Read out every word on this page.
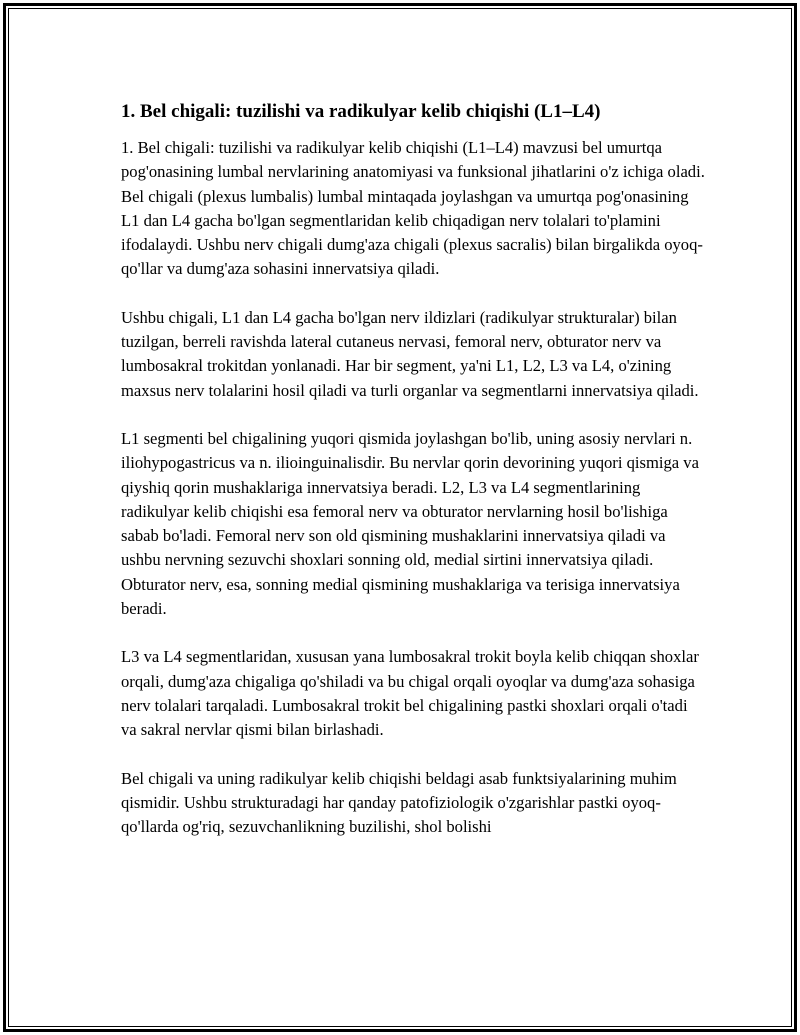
1. Bel chigali: tuzilishi va radikulyar kelib chiqishi (L1–L4)

1. Bel chigali: tuzilishi va radikulyar kelib chiqishi (L1–L4) mavzusi bel umurtqa pog'onasining lumbal nervlarining anatomiyasi va funksional jihatlarini o'z ichiga oladi. Bel chigali (plexus lumbalis) lumbal mintaqada joylashgan va umurtqa pog'onasining L1 dan L4 gacha bo'lgan segmentlaridan kelib chiqadigan nerv tolalari to'plamini ifodalaydi. Ushbu nerv chigali dumg'aza chigali (plexus sacralis) bilan birgalikda oyoq-qo'llar va dumg'aza sohasini innervatsiya qiladi.

Ushbu chigali, L1 dan L4 gacha bo'lgan nerv ildizlari (radikulyar strukturalar) bilan tuzilgan, berreli ravishda lateral cutaneus nervasi, femoral nerv, obturator nerv va lumbosakral trokitdan yonlanadi. Har bir segment, ya'ni L1, L2, L3 va L4, o'zining maxsus nerv tolalarini hosil qiladi va turli organlar va segmentlarni innervatsiya qiladi.

L1 segmenti bel chigalining yuqori qismida joylashgan bo'lib, uning asosiy nervlari n. iliohypogastricus va n. ilioinguinalisdir. Bu nervlar qorin devorining yuqori qismiga va qiyshiq qorin mushaklariga innervatsiya beradi. L2, L3 va L4 segmentlarining radikulyar kelib chiqishi esa femoral nerv va obturator nervlarning hosil bo'lishiga sabab bo'ladi. Femoral nerv son old qismining mushaklarini innervatsiya qiladi va ushbu nervning sezuvchi shoxlari sonning old, medial sirtini innervatsiya qiladi. Obturator nerv, esa, sonning medial qismining mushaklariga va terisiga innervatsiya beradi.

L3 va L4 segmentlaridan, xususan yana lumbosakral trokit boyla kelib chiqqan shoxlar orqali, dumg'aza chigaliga qo'shiladi va bu chigal orqali oyoqlar va dumg'aza sohasiga nerv tolalari tarqaladi. Lumbosakral trokit bel chigalining pastki shoxlari orqali o'tadi va sakral nervlar qismi bilan birlashadi.

Bel chigali va uning radikulyar kelib chiqishi beldagi asab funktsiyalarining muhim qismidir. Ushbu strukturadagi har qanday patofiziologik o'zgarishlar pastki oyoq-qo'llarda og'riq, sezuvchanlikning buzilishi, shol bolishi
